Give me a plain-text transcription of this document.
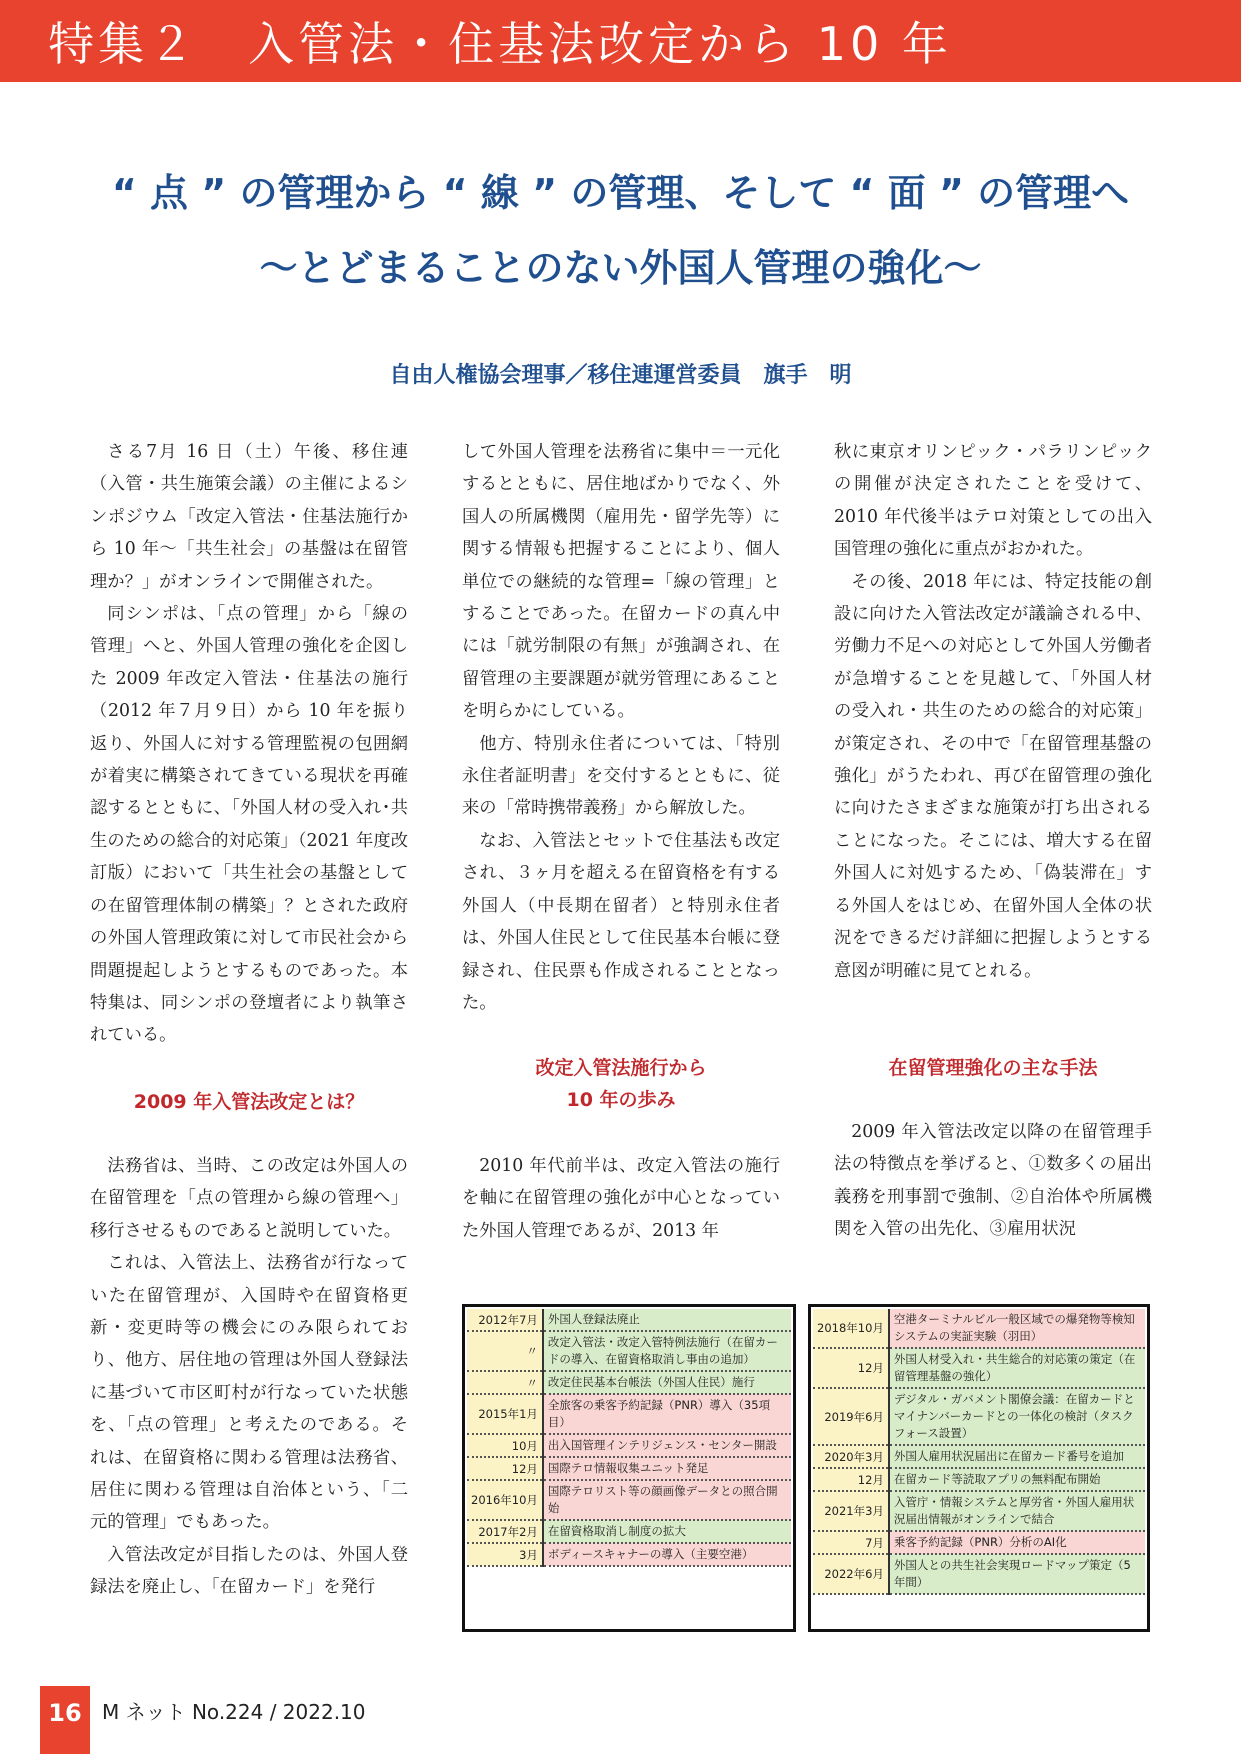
特集２　入管法・住基法改定から 10 年
“ 点 ” の管理から “ 線 ” の管理、そして “ 面 ” の管理へ
〜とどまることのない外国人管理の強化〜
自由人権協会理事／移住連運営委員　旗手　明

さる7月 16 日（土）午後、移住連（入管・共生施策会議）の主催によるシンポジウム「改定入管法・住基法施行から 10 年〜「共生社会」の基盤は在留管理か？」がオンラインで開催された。

同シンポは、「点の管理」から「線の管理」へと、外国人管理の強化を企図した 2009 年改定入管法・住基法の施行（2012 年７月９日）から 10 年を振り返り、外国人に対する管理監視の包囲網が着実に構築されてきている現状を再確認するとともに、「外国人材の受入れ･共生のための総合的対応策」（2021 年度改訂版）において「共生社会の基盤としての在留管理体制の構築」？とされた政府の外国人管理政策に対して市民社会から問題提起しようとするものであった。本特集は、同シンポの登壇者により執筆されている。

2009 年入管法改定とは？

法務省は、当時、この改定は外国人の在留管理を「点の管理から線の管理へ」移行させるものであると説明していた。

これは、入管法上、法務省が行なっていた在留管理が、入国時や在留資格更新・変更時等の機会にのみ限られており、他方、居住地の管理は外国人登録法に基づいて市区町村が行なっていた状態を、「点の管理」と考えたのである。それは、在留資格に関わる管理は法務省、居住に関わる管理は自治体という、「二元的管理」でもあった。

入管法改定が目指したのは、外国人登録法を廃止し、「在留カード」を発行

して外国人管理を法務省に集中＝一元化するとともに、居住地ばかりでなく、外国人の所属機関（雇用先・留学先等）に関する情報も把握することにより、個人単位での継続的な管理=「線の管理」とすることであった。在留カードの真ん中には「就労制限の有無」が強調され、在留管理の主要課題が就労管理にあることを明らかにしている。

他方、特別永住者については、「特別永住者証明書」を交付するとともに、従来の「常時携帯義務」から解放した。

なお、入管法とセットで住基法も改定され、３ヶ月を超える在留資格を有する外国人（中長期在留者）と特別永住者は、外国人住民として住民基本台帳に登録され、住民票も作成されることとなった。

改定入管法施行から
10 年の歩み

2010 年代前半は、改定入管法の施行を軸に在留管理の強化が中心となっていた外国人管理であるが、2013 年

秋に東京オリンピック・パラリンピックの開催が決定されたことを受けて、2010 年代後半はテロ対策としての出入国管理の強化に重点がおかれた。

その後、2018 年には、特定技能の創設に向けた入管法改定が議論される中、労働力不足への対応として外国人労働者が急増することを見越して、「外国人材の受入れ・共生のための総合的対応策」が策定され、その中で「在留管理基盤の強化」がうたわれ、再び在留管理の強化に向けたさまざまな施策が打ち出されることになった。そこには、増大する在留外国人に対処するため、「偽装滞在」する外国人をはじめ、在留外国人全体の状況をできるだけ詳細に把握しようとする意図が明確に見てとれる。

在留管理強化の主な手法

2009 年入管法改定以降の在留管理手法の特徴点を挙げると、①数多くの届出義務を刑事罰で強制、②自治体や所属機関を入管の出先化、③雇用状況

2012年7月	外国人登録法廃止
〃	改定入管法・改定入管特例法施行（在留カードの導入、在留資格取消し事由の追加）
〃	改定住民基本台帳法（外国人住民）施行
2015年1月	全旅客の乗客予約記録（PNR）導入（35項目）
10月	出入国管理インテリジェンス・センター開設
12月	国際テロ情報収集ユニット発足
2016年10月	国際テロリスト等の顔画像データとの照合開始
2017年2月	在留資格取消し制度の拡大
3月	ボディースキャナーの導入（主要空港）
2018年10月	空港ターミナルビル一般区域での爆発物等検知システムの実証実験（羽田）
12月	外国人材受入れ・共生総合的対応策の策定（在留管理基盤の強化）
2019年6月	デジタル・ガバメント閣僚会議：在留カードとマイナンバーカードとの一体化の検討（タスクフォース設置）
2020年3月	外国人雇用状況届出に在留カード番号を追加
12月	在留カード等読取アプリの無料配布開始
2021年3月	入管庁・情報システムと厚労省・外国人雇用状況届出情報がオンラインで結合
7月	乗客予約記録（PNR）分析のAI化
2022年6月	外国人との共生社会実現ロードマップ策定（5年間）
16	M ネット No.224 / 2022.10
